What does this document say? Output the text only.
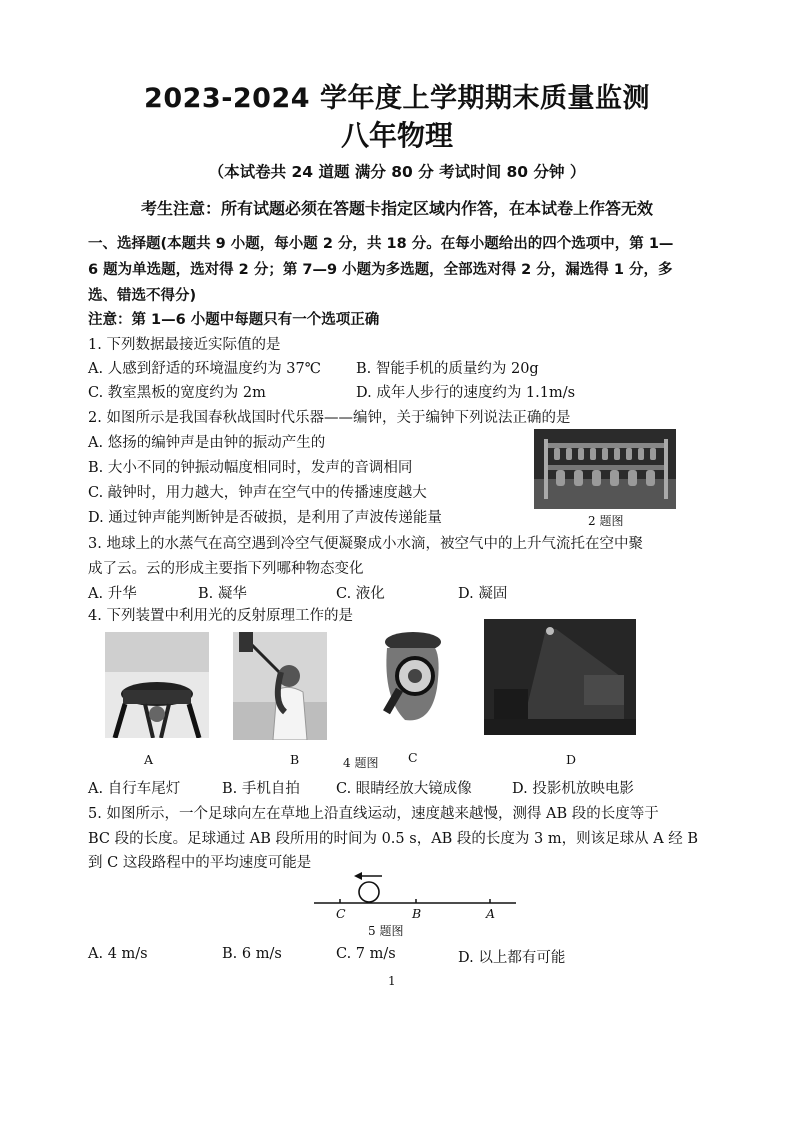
2023-2024 学年度上学期期末质量监测
八年物理
（本试卷共 24 道题 满分 80 分 考试时间 80 分钟 ）
考生注意：所有试题必须在答题卡指定区域内作答，在本试卷上作答无效
一、选择题(本题共 9 小题，每小题 2 分，共 18 分。在每小题给出的四个选项中，第 1—
6 题为单选题，选对得 2 分；第 7—9 小题为多选题，全部选对得 2 分，漏选得 1 分，多
选、错选不得分)
注意：第 1—6 小题中每题只有一个选项正确
1. 下列数据最接近实际值的是
A. 人感到舒适的环境温度约为 37℃ B. 智能手机的质量约为 20g
C. 教室黑板的宽度约为 2m	D. 成年人步行的速度约为 1.1m/s
2. 如图所示是我国春秋战国时代乐器——编钟，关于编钟下列说法正确的是
A. 悠扬的编钟声是由钟的振动产生的
B. 大小不同的钟振动幅度相同时，发声的音调相同
C. 敲钟时，用力越大，钟声在空气中的传播速度越大
D. 通过钟声能判断钟是否破损，是利用了声波传递能量	2 题图
3. 地球上的水蒸气在高空遇到冷空气便凝聚成小水滴，被空气中的上升气流托在空中聚
成了云。云的形成主要指下列哪种物态变化
A. 升华	B. 凝华	C. 液化	D. 凝固
4. 下列装置中利用光的反射原理工作的是
A	B	C
4 题图	D
A. 自行车尾灯	B. 手机自拍 C. 眼睛经放大镜成像	D. 投影机放映电影
5. 如图所示，一个足球向左在草地上沿直线运动，速度越来越慢，测得 AB 段的长度等于
BC 段的长度。足球通过 AB 段所用的时间为 0.5 s，AB 段的长度为 3 m，则该足球从 A 经 B
到 C 这段路程中的平均速度可能是
C	B	A
5 题图
A. 4 m/s	B. 6 m/s	C. 7 m/s	D. 以上都有可能
1
